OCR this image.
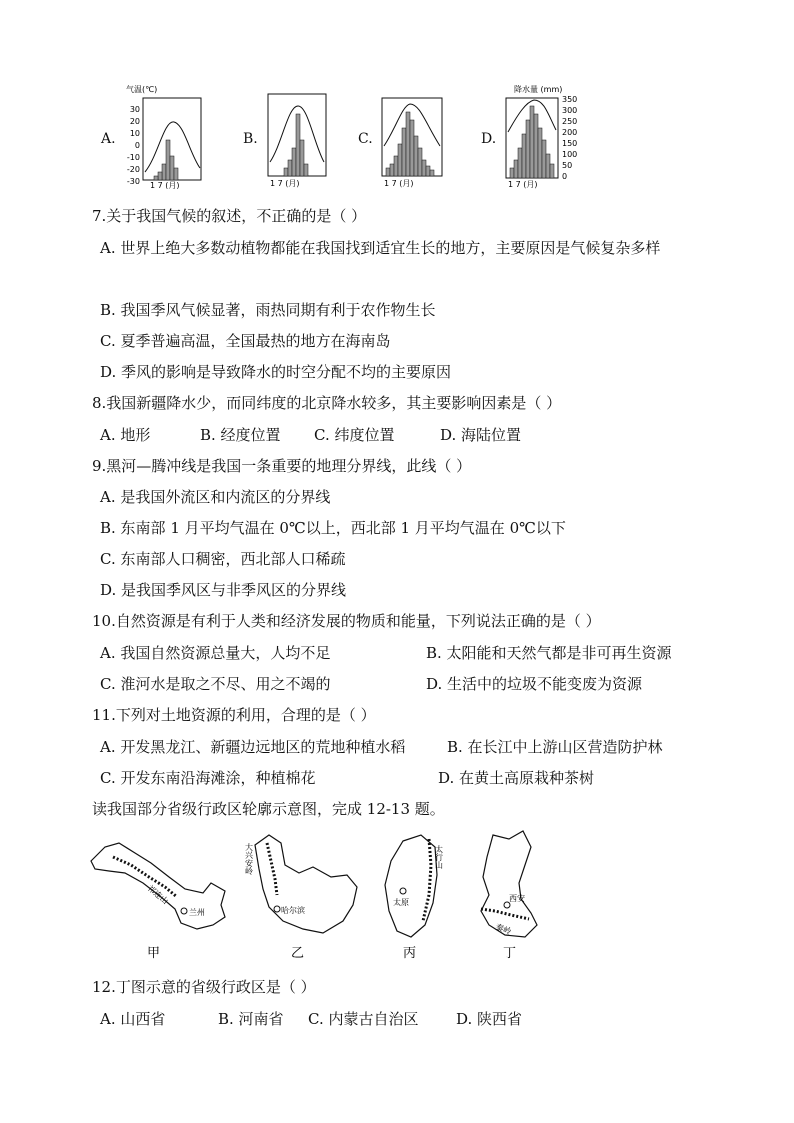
A.
气温(℃)
30
20
10
0
-10
-20
-30 1 7 (月)
B.
1 7 (月)
C.
1 7 (月)
D.
降水量 (mm)
350
300
250
200
150
100
50
0
1 7 (月)
7.关于我国气候的叙述，不正确的是（ ）
A. 世界上绝大多数动植物都能在我国找到适宜生长的地方，主要原因是气候复杂多样
B. 我国季风气候显著，雨热同期有利于农作物生长
C. 夏季普遍高温，全国最热的地方在海南岛
D. 季风的影响是导致降水的时空分配不均的主要原因
8.我国新疆降水少，而同纬度的北京降水较多，其主要影响因素是（ ）
A. 地形	B. 经度位置 C. 纬度位置	D. 海陆位置
9.黑河—腾冲线是我国一条重要的地理分界线，此线（ ）
A. 是我国外流区和内流区的分界线
B. 东南部 1 月平均气温在 0℃以上，西北部 1 月平均气温在 0℃以下
C. 东南部人口稠密，西北部人口稀疏
D. 是我国季风区与非季风区的分界线
10.自然资源是有利于人类和经济发展的物质和能量，下列说法正确的是（ ）
A. 我国自然资源总量大，人均不足	B. 太阳能和天然气都是非可再生资源
C. 淮河水是取之不尽、用之不竭的	D. 生活中的垃圾不能变废为资源
11.下列对土地资源的利用，合理的是（ ）
A. 开发黑龙江、新疆边远地区的荒地种植水稻	B. 在长江中上游山区营造防护林
C. 开发东南沿海滩涂，种植棉花	D. 在黄土高原栽种茶树
读我国部分省级行政区轮廓示意图，完成 12-13 题。
祁连山
兰州
甲
大兴安岭
哈尔滨
乙
太行山
太原
丙
西安
秦岭
丁
12.丁图示意的省级行政区是（ ）
A. 山西省	B. 河南省 C. 内蒙古自治区	D. 陕西省
